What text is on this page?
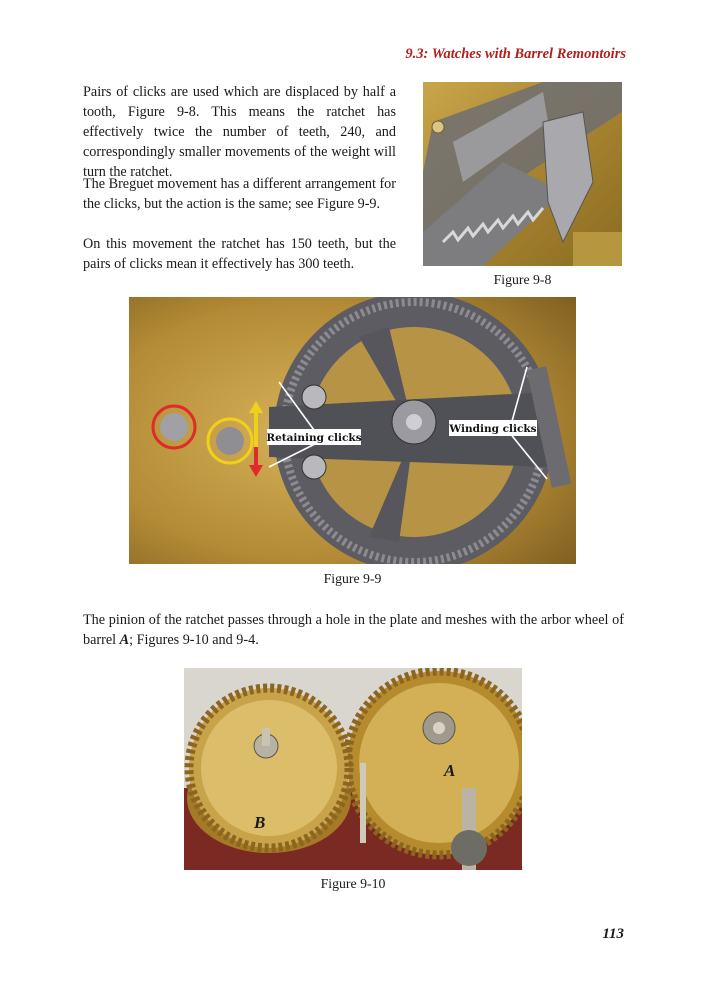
9.3: Watches with Barrel Remontoirs

Pairs of clicks are used which are displaced by half a tooth, Figure 9-8. This means the ratchet has effectively twice the number of teeth, 240, and correspondingly smaller movements of the weight will turn the ratchet.

The Breguet movement has a different arrangement for the clicks, but the action is the same; see Figure 9-9.

On this movement the ratchet has 150 teeth, but the pairs of clicks mean it effectively has 300 teeth.

Figure 9-8
Retaining clicks
Winding clicks
Figure 9-9

The pinion of the ratchet passes through a hole in the plate and meshes with the arbor wheel of barrel A; Figures 9-10 and 9-4.

A
B
Figure 9-10
113
